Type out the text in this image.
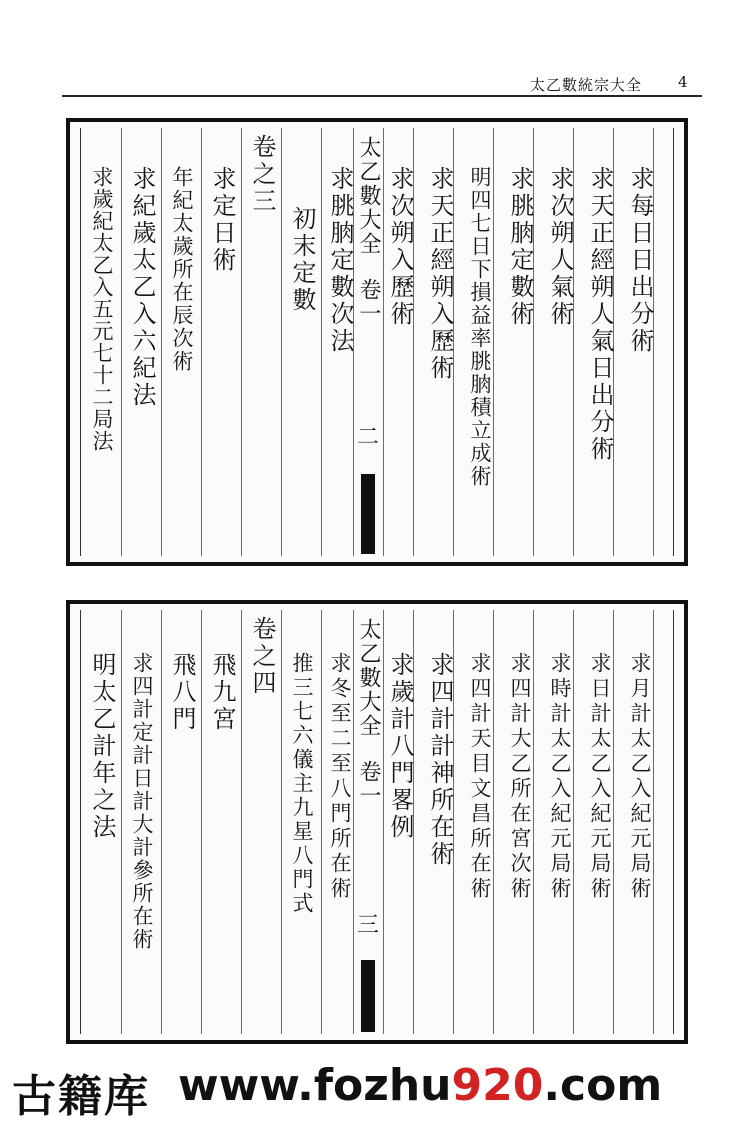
太乙數統宗大全 4
求每日日出分術
求天正經朔人氣日出分術
求次朔人氣術
求朓朒定數術
明四七日下損益率朓朒積立成術
求天正經朔入歷術
求次朔入歷術
太乙數大全
卷一
二
求朓朒定數次法
初末定數
卷之三
求定日術
年紀太歲所在辰次術
求紀歲太乙入六紀法
求歲紀太乙入五元七十二局法
求月計太乙入紀元局術
求日計太乙入紀元局術
求時計太乙入紀元局術
求四計大乙所在宮次術
求四計天目文昌所在術
求四計計神所在術
求歲計八門畧例
太乙數大全
卷一
三
求冬至二至八門所在術
推三七六儀主九星八門式
卷之四
飛九宮
飛八門
求四計定計日計大計參所在術
明太乙計年之法
古籍库 www.fozhu920.com
